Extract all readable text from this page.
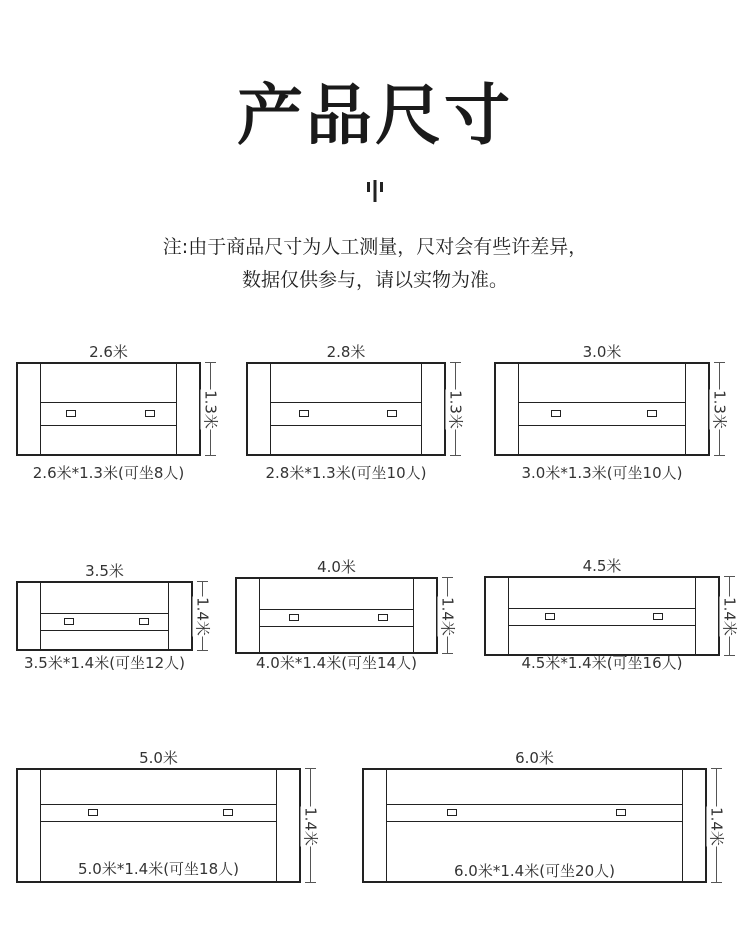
产品尺寸
注:由于商品尺寸为人工测量，尺对会有些许差异，
数据仅供参与，请以实物为准。
2.6米
1.3米
2.6米*1.3米(可坐8人)
2.8米
1.3米
2.8米*1.3米(可坐10人)
3.0米
1.3米
3.0米*1.3米(可坐10人)
3.5米
1.4米
3.5米*1.4米(可坐12人)
4.0米
1.4米
4.0米*1.4米(可坐14人)
4.5米
1.4米
4.5米*1.4米(可坐16人)
5.0米
1.4米
5.0米*1.4米(可坐18人)
6.0米
1.4米
6.0米*1.4米(可坐20人)
